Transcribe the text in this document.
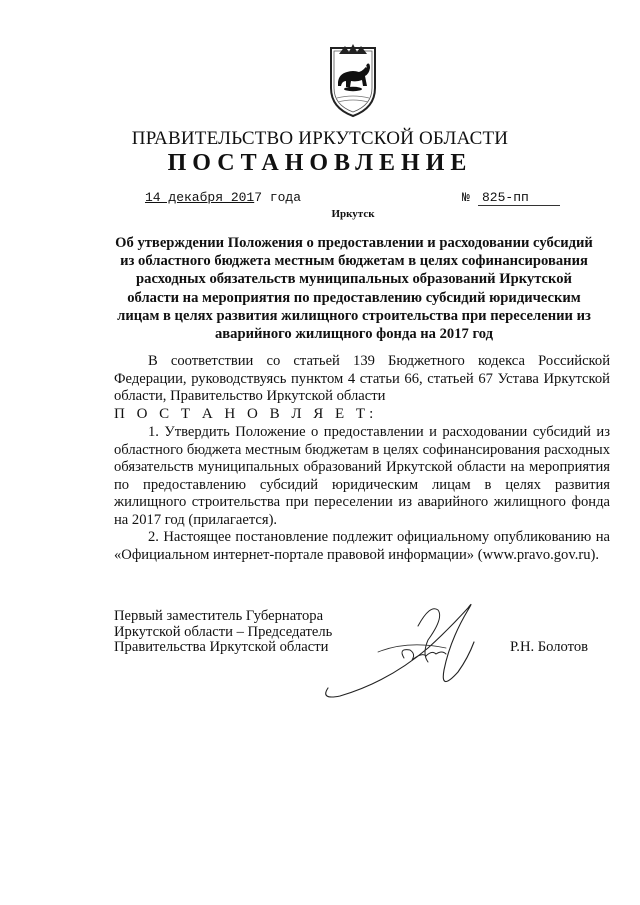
ПРАВИТЕЛЬСТВО ИРКУТСКОЙ ОБЛАСТИ
ПОСТАНОВЛЕНИЕ
14 декабря 2017 года	№ 825-пп
Иркутск
Об утверждении Положения о предоставлении и расходовании субсидий
из областного бюджета местным бюджетам в целях софинансирования
расходных обязательств муниципальных образований Иркутской
области на мероприятия по предоставлению субсидий юридическим
лицам в целях развития жилищного строительства при переселении из
аварийного жилищного фонда на 2017 год
В соответствии со статьей 139 Бюджетного кодекса Российской Федерации, руководствуясь пунктом 4 статьи 66, статьей 67 Устава Иркутской области, Правительство Иркутской области
П О С Т А Н О В Л Я Е Т:
1. Утвердить Положение о предоставлении и расходовании субсидий из областного бюджета местным бюджетам в целях софинансирования расходных обязательств муниципальных образований Иркутской области на мероприятия по предоставлению субсидий юридическим лицам в целях развития жилищного строительства при переселении из аварийного жилищного фонда на 2017 год (прилагается).
2. Настоящее постановление подлежит официальному опубликованию на «Официальном интернет-портале правовой информации» (www.pravo.gov.ru).
Первый заместитель Губернатора
Иркутской области – Председатель
Правительства Иркутской области	Р.Н. Болотов
